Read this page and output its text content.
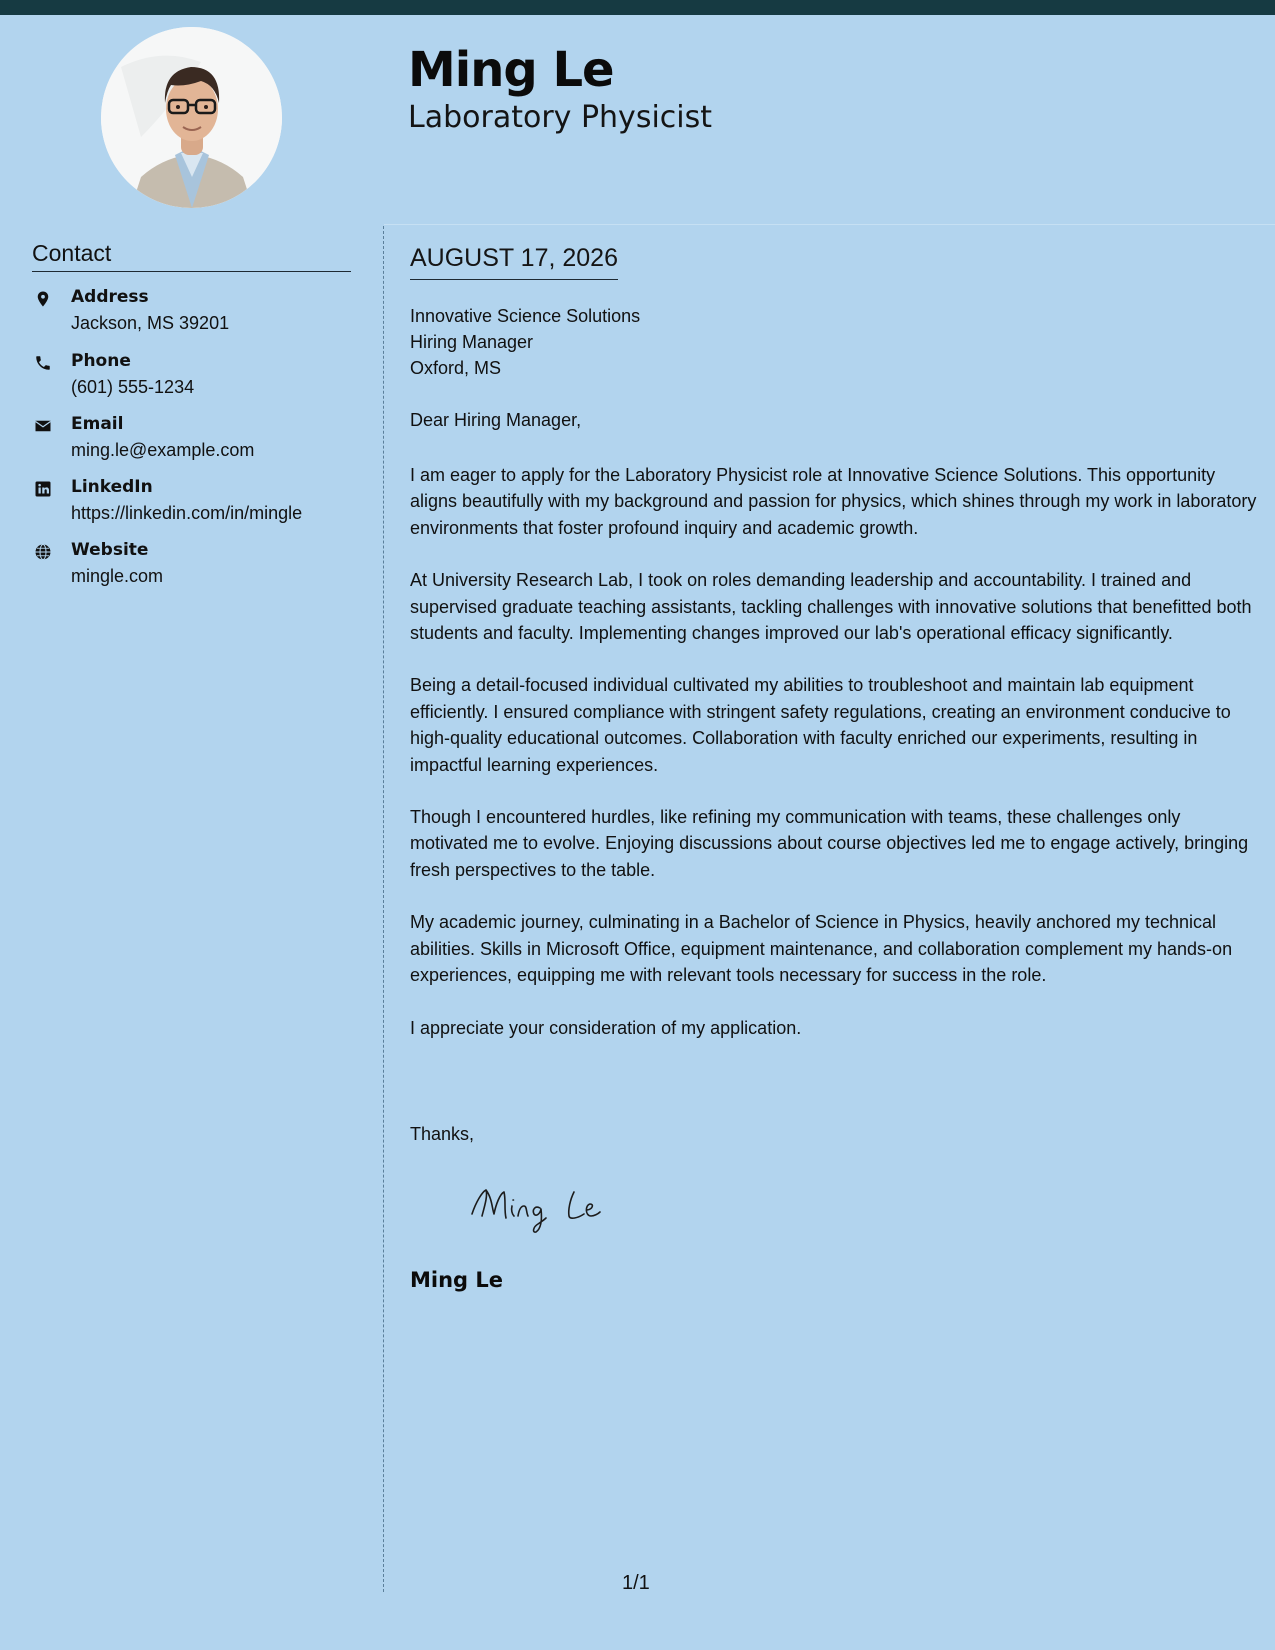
Ming Le
Laboratory Physicist
Contact
Address
Jackson, MS 39201
Phone
(601) 555-1234
Email
ming.le@example.com
LinkedIn
https://linkedin.com/in/mingle
Website
mingle.com
AUGUST 17, 2026
Innovative Science Solutions
Hiring Manager
Oxford, MS
Dear Hiring Manager,

I am eager to apply for the Laboratory Physicist role at Innovative Science Solutions. This opportunity aligns beautifully with my background and passion for physics, which shines through my work in laboratory environments that foster profound inquiry and academic growth.

At University Research Lab, I took on roles demanding leadership and accountability. I trained and supervised graduate teaching assistants, tackling challenges with innovative solutions that benefitted both students and faculty. Implementing changes improved our lab's operational efficacy significantly.

Being a detail-focused individual cultivated my abilities to troubleshoot and maintain lab equipment efficiently. I ensured compliance with stringent safety regulations, creating an environment conducive to high-quality educational outcomes. Collaboration with faculty enriched our experiments, resulting in impactful learning experiences.

Though I encountered hurdles, like refining my communication with teams, these challenges only motivated me to evolve. Enjoying discussions about course objectives led me to engage actively, bringing fresh perspectives to the table.

My academic journey, culminating in a Bachelor of Science in Physics, heavily anchored my technical abilities. Skills in Microsoft Office, equipment maintenance, and collaboration complement my hands-on experiences, equipping me with relevant tools necessary for success in the role.

I appreciate your consideration of my application.

Thanks,
Ming Le
1/1
